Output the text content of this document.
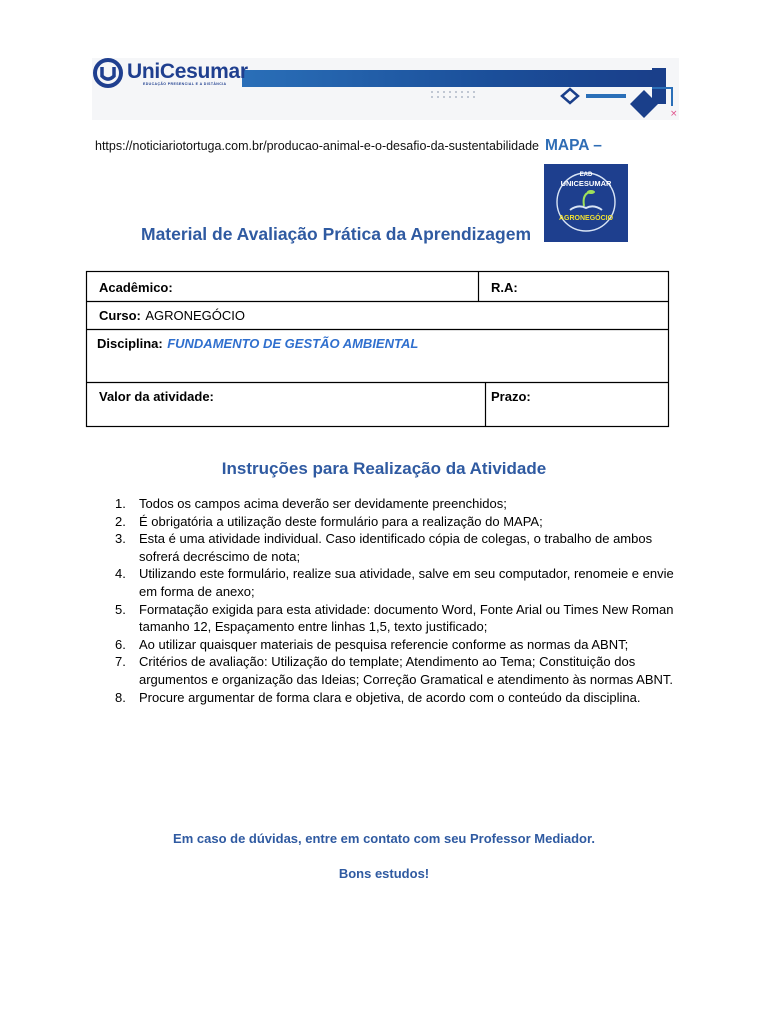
×
UniCesumar
EDUCAÇÃO PRESENCIAL E A DISTÂNCIA
https://noticiariotortuga.com.br/producao-animal-e-o-desafio-da-sustentabilidade MAPA –
EAD
UNICESUMAR
AGRONEGÓCIO
Material de Avaliação Prática da Aprendizagem
Acadêmico:	R.A:
Curso: AGRONEGÓCIO
Disciplina: FUNDAMENTO DE GESTÃO AMBIENTAL
Valor da atividade:	Prazo:
Instruções para Realização da Atividade
1. Todos os campos acima deverão ser devidamente preenchidos;
2. É obrigatória a utilização deste formulário para a realização do MAPA;
3. Esta é uma atividade individual. Caso identificado cópia de colegas, o trabalho de ambos sofrerá decréscimo de nota;
4. Utilizando este formulário, realize sua atividade, salve em seu computador, renomeie e envie em forma de anexo;
5. Formatação exigida para esta atividade: documento Word, Fonte Arial ou Times New Roman tamanho 12, Espaçamento entre linhas 1,5, texto justificado;
6. Ao utilizar quaisquer materiais de pesquisa referencie conforme as normas da ABNT;
7. Critérios de avaliação: Utilização do template; Atendimento ao Tema; Constituição dos argumentos e organização das Ideias; Correção Gramatical e atendimento às normas ABNT.
8. Procure argumentar de forma clara e objetiva, de acordo com o conteúdo da disciplina.
Em caso de dúvidas, entre em contato com seu Professor Mediador.
Bons estudos!
